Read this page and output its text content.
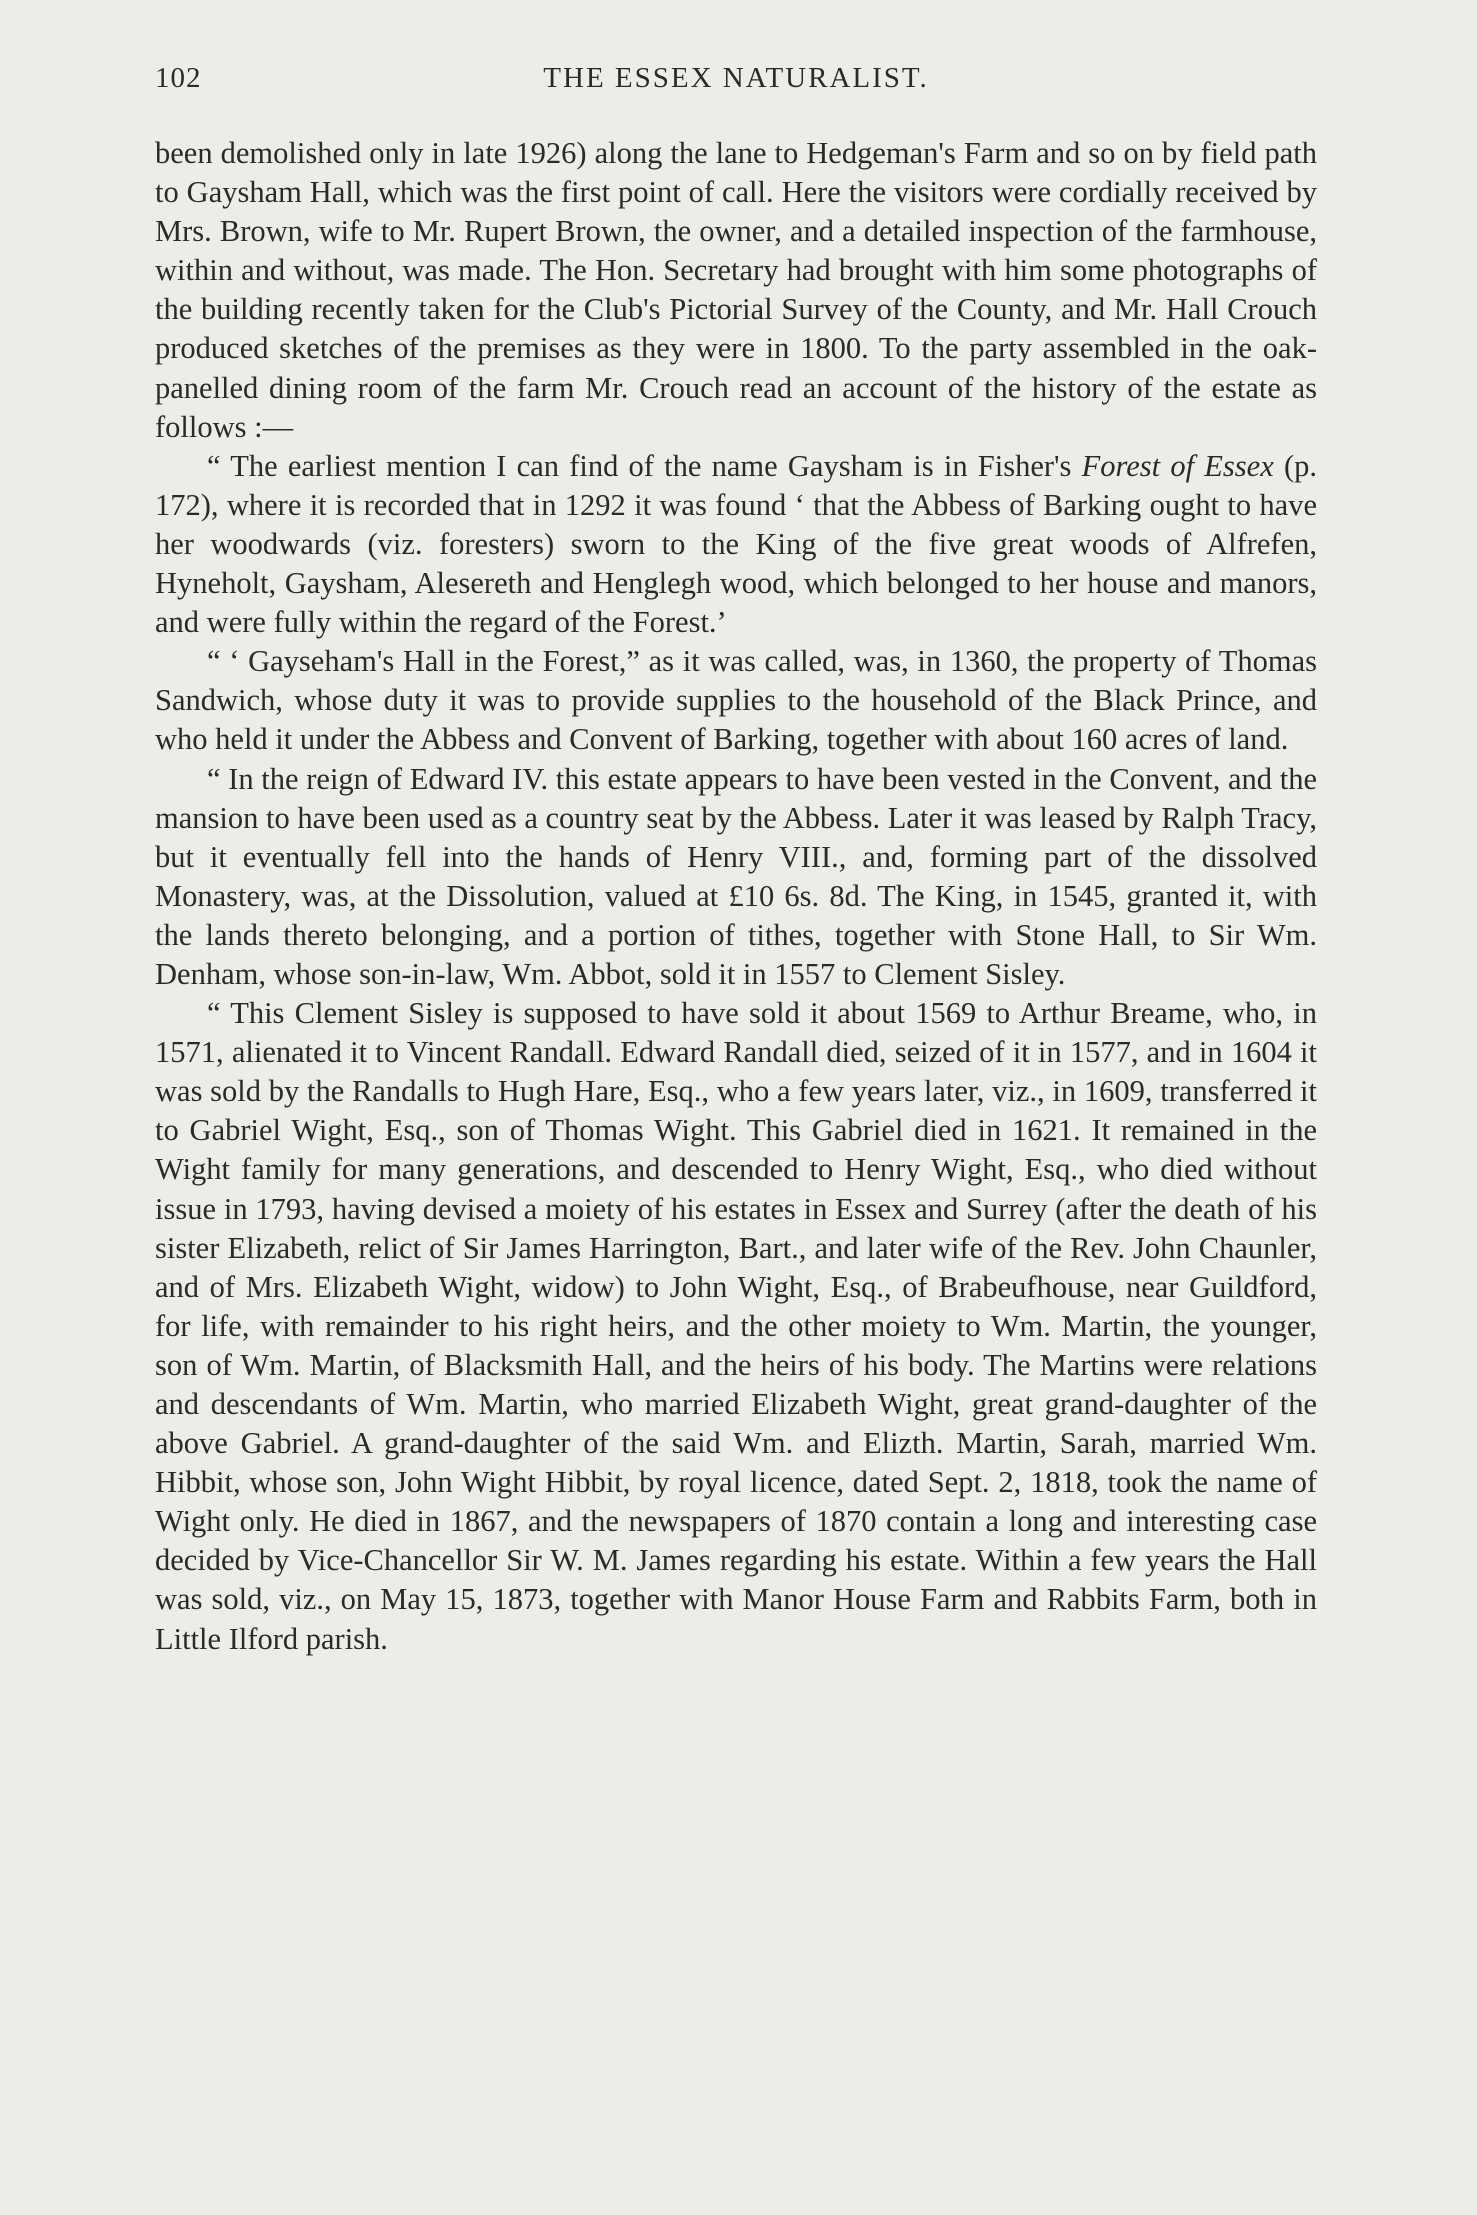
102	THE ESSEX NATURALIST.

been demolished only in late 1926) along the lane to Hedgeman's Farm and so on by field path to Gaysham Hall, which was the first point of call. Here the visitors were cordially received by Mrs. Brown, wife to Mr. Rupert Brown, the owner, and a detailed inspection of the farmhouse, within and without, was made. The Hon. Secretary had brought with him some photographs of the building recently taken for the Club's Pictorial Survey of the County, and Mr. Hall Crouch produced sketches of the premises as they were in 1800. To the party assembled in the oak-panelled dining room of the farm Mr. Crouch read an account of the history of the estate as follows :—

“ The earliest mention I can find of the name Gaysham is in Fisher's Forest of Essex (p. 172), where it is recorded that in 1292 it was found ‘ that the Abbess of Barking ought to have her woodwards (viz. foresters) sworn to the King of the five great woods of Alfrefen, Hyneholt, Gaysham, Alesereth and Henglegh wood, which belonged to her house and manors, and were fully within the regard of the Forest.’

“ ‘ Gayseham's Hall in the Forest,” as it was called, was, in 1360, the property of Thomas Sandwich, whose duty it was to provide supplies to the household of the Black Prince, and who held it under the Abbess and Convent of Barking, together with about 160 acres of land.

“ In the reign of Edward IV. this estate appears to have been vested in the Convent, and the mansion to have been used as a country seat by the Abbess. Later it was leased by Ralph Tracy, but it eventually fell into the hands of Henry VIII., and, forming part of the dissolved Monastery, was, at the Dissolution, valued at £10 6s. 8d. The King, in 1545, granted it, with the lands thereto belonging, and a portion of tithes, together with Stone Hall, to Sir Wm. Denham, whose son-in-law, Wm. Abbot, sold it in 1557 to Clement Sisley.

“ This Clement Sisley is supposed to have sold it about 1569 to Arthur Breame, who, in 1571, alienated it to Vincent Randall. Edward Randall died, seized of it in 1577, and in 1604 it was sold by the Randalls to Hugh Hare, Esq., who a few years later, viz., in 1609, transferred it to Gabriel Wight, Esq., son of Thomas Wight. This Gabriel died in 1621. It remained in the Wight family for many generations, and descended to Henry Wight, Esq., who died without issue in 1793, having devised a moiety of his estates in Essex and Surrey (after the death of his sister Elizabeth, relict of Sir James Harrington, Bart., and later wife of the Rev. John Chaunler, and of Mrs. Elizabeth Wight, widow) to John Wight, Esq., of Brabeufhouse, near Guildford, for life, with remainder to his right heirs, and the other moiety to Wm. Martin, the younger, son of Wm. Martin, of Blacksmith Hall, and the heirs of his body. The Martins were relations and descendants of Wm. Martin, who married Elizabeth Wight, great grand-daughter of the above Gabriel. A grand-daughter of the said Wm. and Elizth. Martin, Sarah, married Wm. Hibbit, whose son, John Wight Hibbit, by royal licence, dated Sept. 2, 1818, took the name of Wight only. He died in 1867, and the newspapers of 1870 contain a long and interesting case decided by Vice-Chancellor Sir W. M. James regarding his estate. Within a few years the Hall was sold, viz., on May 15, 1873, together with Manor House Farm and Rabbits Farm, both in Little Ilford parish.
